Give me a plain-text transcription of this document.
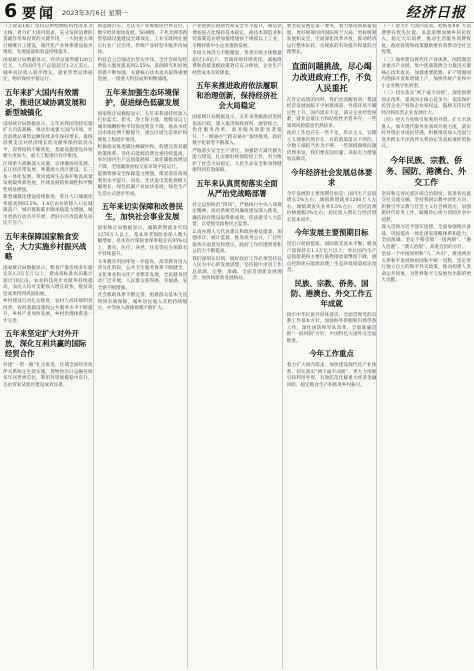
6 要闻 2023年3月6日 星期一	经济日报
（上接第1版）坚持以供给侧结构性改革为主线，着力扩大国内需求，充分发挥消费的基础作用和投资的关键作用，一大批重大项目相继开工建设，现代化产业体系建设稳步推进，发展质量和效益持续提升。
国家统计局数据显示，经济总量突破120万亿元，人均国内生产总值超过1.2万美元，城乡居民收入稳步增长，就业形势总体稳定，物价保持平稳运行。
五年来扩大国内有效需求，推进区域协调发展和新型城镇化
国家统计局数据显示，五年来我国坚持实施扩大内需战略，推动形成强大国内市场，社会消费品零售总额连续多年保持增长，最终消费支出对经济增长的贡献率保持较高水平，投资结构不断优化，基础设施建设补短板力度加大，重大工程项目有序推进。
区域重大战略深入实施，京津冀协同发展、长江经济带发展、粤港澳大湾区建设、长三角一体化发展、黄河流域生态保护和高质量发展取得新进展，区域发展的协调性和平衡性明显增强。
新型城镇化建设持续推进，常住人口城镇化率提高到65.2%，1.4亿农业转移人口在城镇落户，城市群和都市圈承载能力增强，城市更新行动有序开展，老旧小区改造惠及居民千万户。
五年来保障国家粮食安全，大力实施乡村振兴战略
国家统计局数据显示，粮食产量连续多年稳定在1.3万亿斤以上，建成高标准农田累计超过10亿亩，农业科技进步贡献率持续提高，农民人均可支配收入增长较快，脱贫攻坚成果得到巩固拓展。
乡村建设行动扎实推进，农村人居环境明显改善，农村基础设施和公共服务水平不断提升，乡村产业加快发展，乡村治理体系进一步完善。
五年来坚定扩大对外开放，深化互利共赢的国际经贸合作
共建“一带一路”扎实推进，区域全面经济伙伴关系协定生效实施，货物进出口总额连续多年居世界首位，利用外资规模稳中有升，自由贸易试验区建设成效显著。
新能源汽车、光伏等产业规模居世界首位，数字经济加快发展，5G网络、千兆光网等新型基础设施建设全球领先，工业互联网在重点行业广泛应用，传统产业转型升级步伐加快。
科技自立自强迈出坚实步伐，全社会研发经费投入强度提高到2.55%，基础研究和原始创新不断加强，关键核心技术攻关取得重要进展，一批重大科技成果相继涌现。
五年来加强生态环境保护，促进绿色低碳发展
国家统计局数据显示，五年来我国持续深入打好蓝天、碧水、净土保卫战，地级及以上城市细颗粒物平均浓度明显下降，地表水优良水体比例不断提升，重点区域生态保护和修复工程稳步推进。
积极稳妥推进碳达峰碳中和，构建完善双碳政策体系，非化石能源消费比重持续提高，单位国内生产总值能耗和二氧化碳排放明显下降，全国碳排放权交易市场平稳运行。
能源资源安全保障能力增强，煤炭清洁高效利用水平提升，风电、光伏发电装机规模大幅增长，绿色低碳产业加快发展，绿色生产生活方式逐步形成。
五年来切实保障和改善民生，加快社会事业发展
国家统计局数据显示，城镇新增就业年均1270万人以上，基本养老保险参保人数大幅增加，基本医疗保险参保率稳定在95%以上，教育、医疗、养老、住房等民生保障水平持续提升。
义务教育巩固率进一步提高，高等教育进入普及化阶段，公共卫生服务体系不断健全，文化事业和文化产业繁荣发展，全民健身活动广泛开展，人民群众获得感、幸福感、安全感不断增强。
社会救助体系不断完善，困难群众基本生活得到有效保障，城乡居民收入差距持续缩小，中等收入群体规模不断扩大。
产业链供应链韧性和安全水平提升，制造业增加值占比保持基本稳定，高技术制造业和装备制造业增加值增速快于规模以上工业，专精特新中小企业蓬勃发展。
市场主体活力不断激发，各类市场主体数量超过1.6亿户，营商环境持续优化，减税降费和留抵退税政策效应充分释放，企业生产经营成本有效降低。
五年来推进政府依法履职和治理创新，保持经济社会大局稳定
国家统计局数据显示，五年来各级政府坚持依法行政，深入推进简政放权、放管结合、优化服务改革，政务服务效能显著提升，“一网通办”“跨省通办”加快推进，政府数字化转型不断深入。
严格落实安全生产责任，加强防灾减灾救灾能力建设，扎实做好疫情防控工作，有力维护了社会大局稳定，人民生命安全和身体健康得到有效保障。
五年来认真贯彻落实全面从严治党战略部署
持之以恒纠治“四风”，严格执行中央八项规定精神，政府系统党风廉政建设深入推进，廉洁政府建设取得新成效，依法接受人大监督，自觉接受政协民主监督。
认真办理人大代表建议和政协委员提案，加强审计、统计监督，推进政务公开，广泛听取各方面意见和建议，政府工作的透明度和公信力不断提高。
我们深刻认识到，做好政府工作必须坚持以人民为中心的发展思想，坚持稳中求进工作总基调，完整、准确、全面贯彻新发展理念，加快构建新发展格局。
要坚持发展是第一要务，着力推动高质量发展，更好统筹国内国际两个大局，更好统筹发展和安全，全面深化改革开放，推动经济运行整体好转，实现质的有效提升和量的合理增长。
直面问题挑战，尽心竭力改进政府工作，不负人民重托
在肯定成绩的同时，我们也清醒看到，我国经济发展面临不少困难挑战，外部环境不确定性上升，国内需求不足，部分企业经营困难，就业总量压力和结构性矛盾并存，一些领域风险隐患仍然较多。
政府工作也存在一些不足，形式主义、官僚主义现象仍然存在，有的政策落实不到位，少数干部担当作为不够，一些领域腐败问题仍然多发，我们要直面问题，采取有力措施加以解决。
今年经济社会发展总体要求
今年发展的主要预期目标是：国内生产总值增长5%左右；城镇新增就业1200万人左右，城镇调查失业率5.5%左右；居民消费价格涨幅3%左右；居民收入增长与经济增长基本同步。
今年发展主要预期目标
进出口促稳提质，国际收支基本平衡；粮食产量保持在1.3万亿斤以上；单位国内生产总值能耗和主要污染物排放量继续下降，重点控制化石能源消费，生态环境质量稳定改善。
民族、宗教、侨务、国防、港澳台、外交工作五年成就
铸牢中华民族共同体意识，全面贯彻党的宗教工作基本方针，加强海外侨胞和归侨侨眷工作，深化国防和军队改革，全面准确贯彻“一国两制”方针，中国特色大国外交全面推进。
今年工作重点
着力扩大国内需求，加快建设现代化产业体系，切实落实“两个毫不动摇”，更大力度吸引和利用外资，有效防范化解重大经济金融风险，稳定粮食生产和推进乡村振兴。
（一）着力扩大国内需求。把恢复和扩大消费摆在优先位置，多渠道增加城乡居民收入，稳定大宗消费，推动生活服务消费恢复，政府投资和政策激励要有效带动全社会投资。
（二）加快建设现代化产业体系。围绕制造业重点产业链，集中优质资源合力推进关键核心技术攻关，加强重要能源、矿产资源国内勘探开发和增储上产，加快传统产业和中小企业数字化转型。
（三）切实落实“两个毫不动摇”。深化国资国企改革，提高国企核心竞争力，依法保护民营企业产权和企业家权益，鼓励支持民营经济和民营企业发展壮大。
（四）更大力度吸引和利用外资。扩大市场准入，加大现代服务业领域开放力度，落实好外资企业国民待遇，积极推动加入全面与进步跨太平洋伙伴关系协定等高标准经贸协议。
今年民族、宗教、侨务、国防、港澳台、外交工作
坚持和完善民族区域自治制度，促进各民族交往交流交融，坚持我国宗教中国化方向，积极引导宗教与社会主义社会相适应，加强新时代侨务工作，凝聚侨心侨力同圆共享中国梦。
深入贯彻习近平强军思想，全面加强练兵备战，巩固提高一体化国家战略体系和能力，全面准确、坚定不移贯彻“一国两制”、“港人治港”、“澳人治澳”、高度自治的方针。
坚持一个中国原则和“九二共识”，推进两岸关系和平发展和祖国和平统一进程，坚定奉行独立自主的和平外交政策，推动构建人类命运共同体，为世界和平与发展作出新的更大贡献。
